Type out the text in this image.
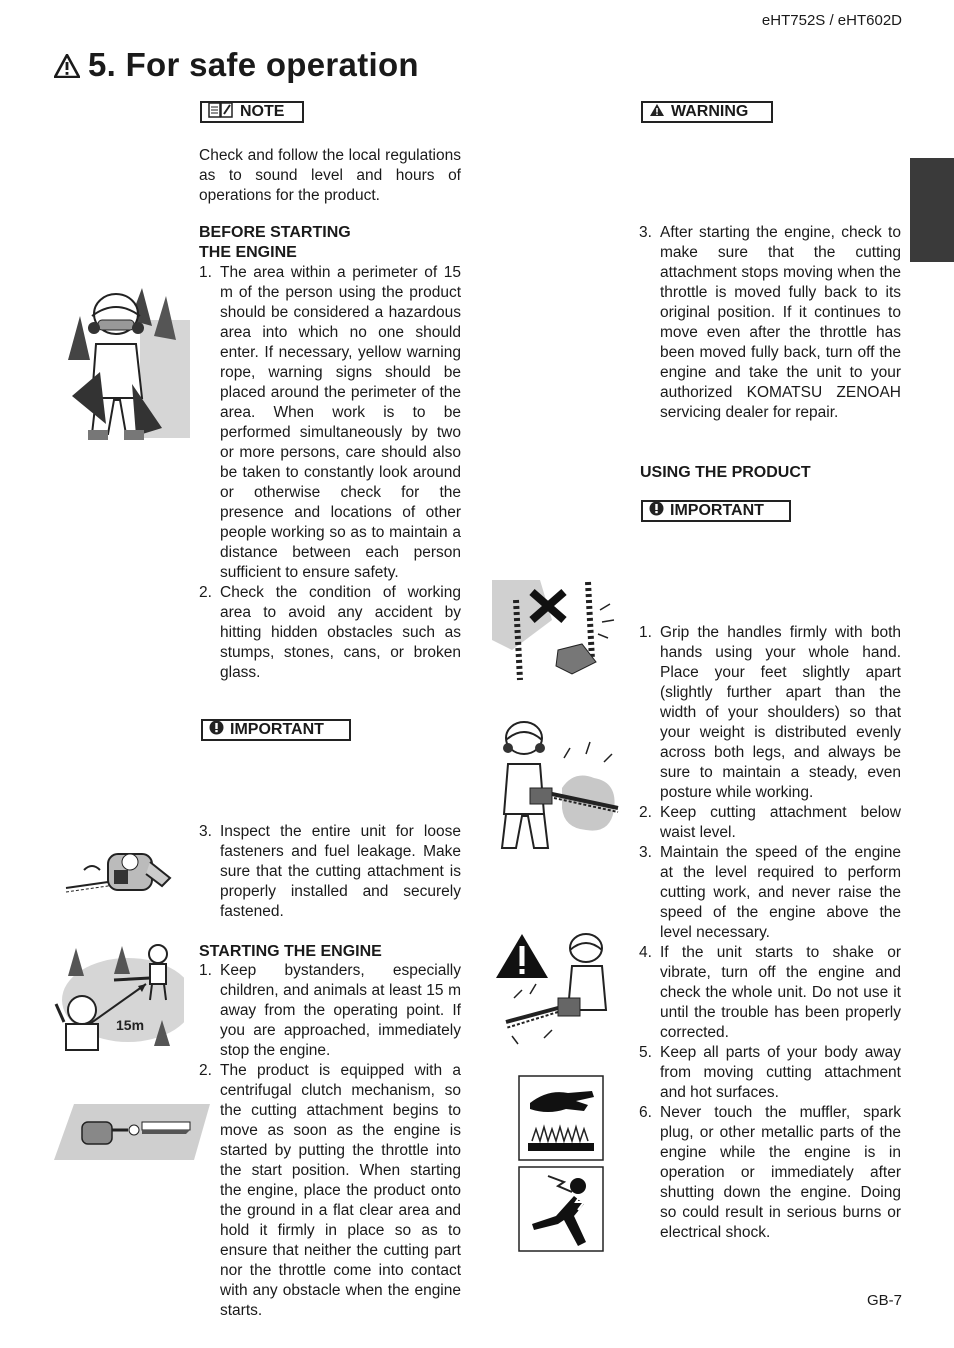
eHT752S / eHT602D
5. For safe operation
NOTE
Check and follow the local regulations as to sound level and hours of operations for the product.
BEFORE STARTING
THE ENGINE
1. The area within a perimeter of 15 m of the person using the product should be considered a hazardous area into which no one should enter. If necessary, yellow warning rope, warning signs should be placed around the perimeter of the area. When work is to be performed simultaneously by two or more persons, care should also be taken to constantly look around or otherwise check for the presence and locations of other people working so as to maintain a distance between each person sufficient to ensure safety.
2. Check the condition of working area to avoid any accident by hitting hidden obstacles such as stumps, stones, cans, or broken glass.
IMPORTANT
3. Inspect the entire unit for loose fasteners and fuel leakage. Make sure that the cutting attachment is properly installed and securely fastened.
STARTING THE ENGINE
1. Keep bystanders, especially children, and animals at least 15 m away from the operating point. If you are approached, immediately stop the engine.
2. The product is equipped with a centrifugal clutch mechanism, so the cutting attachment begins to move as soon as the engine is started by putting the throttle into the start position. When starting the engine, place the product onto the ground in a flat clear area and hold it firmly in place so as to ensure that neither the cutting part nor the throttle come into contact with any obstacle when the engine starts.
15m
WARNING
3. After starting the engine, check to make sure that the cutting attachment stops moving when the throttle is moved fully back to its original position. If it continues to move even after the throttle has been moved fully back, turn off the engine and take the unit to your authorized KOMATSU ZENOAH servicing dealer for repair.
USING THE PRODUCT
IMPORTANT
1. Grip the handles firmly with both hands using your whole hand. Place your feet slightly apart (slightly further apart than the width of your shoulders) so that your weight is distributed evenly across both legs, and always be sure to maintain a steady, even posture while working.
2. Keep cutting attachment below waist level.
3. Maintain the speed of the engine at the level required to perform cutting work, and never raise the speed of the engine above the level necessary.
4. If the unit starts to shake or vibrate, turn off the engine and check the whole unit. Do not use it until the trouble has been properly corrected.
5. Keep all parts of your body away from moving cutting attachment and hot surfaces.
6. Never touch the muffler, spark plug, or other metallic parts of the engine while the engine is in operation or immediately after shutting down the engine. Doing so could result in serious burns or electrical shock.
GB-7
